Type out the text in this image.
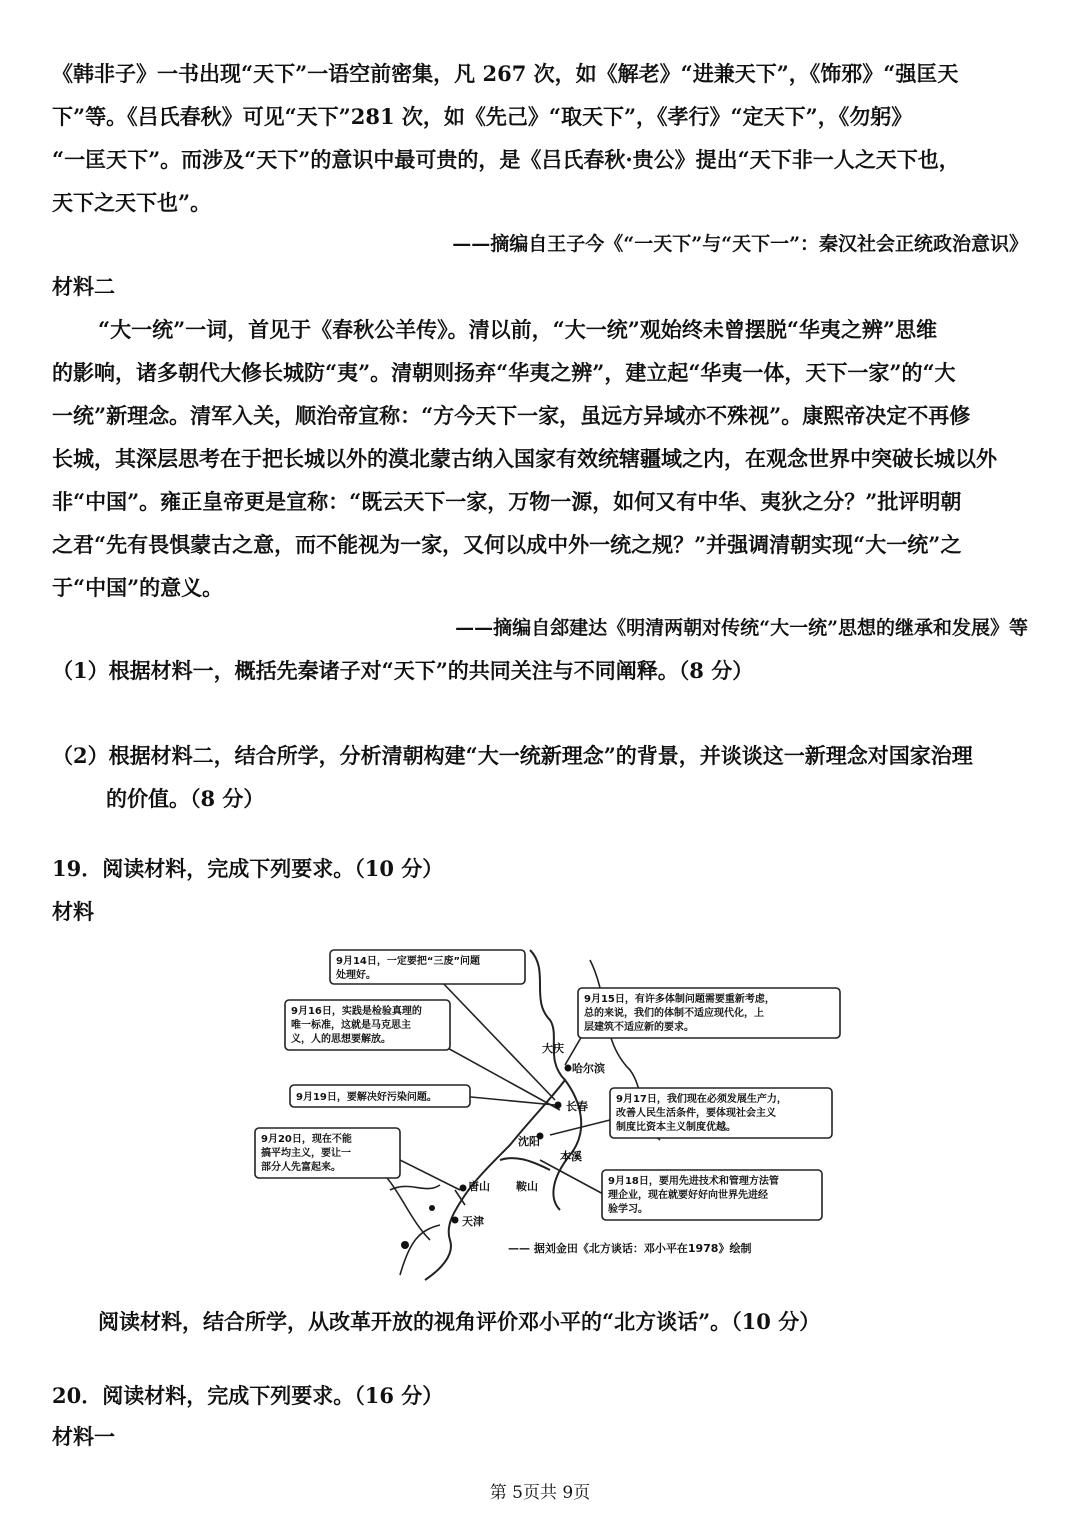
《韩非子》一书出现“天下”一语空前密集，凡 267 次，如《解老》“进兼天下”，《饰邪》“强匡天
下”等。《吕氏春秋》可见“天下”281 次，如《先己》“取天下”，《孝行》“定天下”，《勿躬》
“一匡天下”。而涉及“天下”的意识中最可贵的，是《吕氏春秋·贵公》提出“天下非一人之天下也，
天下之天下也”。
——摘编自王子今《“一天下”与“天下一”：秦汉社会正统政治意识》
材料二
“大一统”一词，首见于《春秋公羊传》。清以前，“大一统”观始终未曾摆脱“华夷之辨”思维
的影响，诸多朝代大修长城防“夷”。清朝则扬弃“华夷之辨”，建立起“华夷一体，天下一家”的“大
一统”新理念。清军入关，顺治帝宣称：“方今天下一家，虽远方异域亦不殊视”。康熙帝决定不再修
长城，其深层思考在于把长城以外的漠北蒙古纳入国家有效统辖疆域之内，在观念世界中突破长城以外
非“中国”。雍正皇帝更是宣称：“既云天下一家，万物一源，如何又有中华、夷狄之分？”批评明朝
之君“先有畏惧蒙古之意，而不能视为一家，又何以成中外一统之规？”并强调清朝实现“大一统”之
于“中国”的意义。
——摘编自郐建达《明清两朝对传统“大一统”思想的继承和发展》等
（1）根据材料一，概括先秦诸子对“天下”的共同关注与不同阐释。（8 分）
（2）根据材料二，结合所学，分析清朝构建“大一统新理念”的背景，并谈谈这一新理念对国家治理
的价值。（8 分）
19．阅读材料，完成下列要求。（10 分）
材料
9月14日，一定要把“三废”问题
处理好。
9月15日，有许多体制问题需要重新考虑，
总的来说，我们的体制不适应现代化，上
层建筑不适应新的要求。
9月16日，实践是检验真理的
唯一标准，这就是马克思主
义，人的思想要解放。
9月19日，要解决好污染问题。	9月17日，我们现在必须发展生产力，
改善人民生活条件，要体现社会主义
制度比资本主义制度优越。
9月20日，现在不能
搞平均主义，要让一
部分人先富起来。
9月18日，要用先进技术和管理方法管
理企业，现在就要好好向世界先进经
验学习。
大庆
哈尔滨
长春
沈阳
本溪
鞍山
唐山
天津
—— 据刘金田《北方谈话：邓小平在1978》绘制
阅读材料，结合所学，从改革开放的视角评价邓小平的“北方谈话”。（10 分）
20．阅读材料，完成下列要求。（16 分）
材料一
第 5页共 9页
